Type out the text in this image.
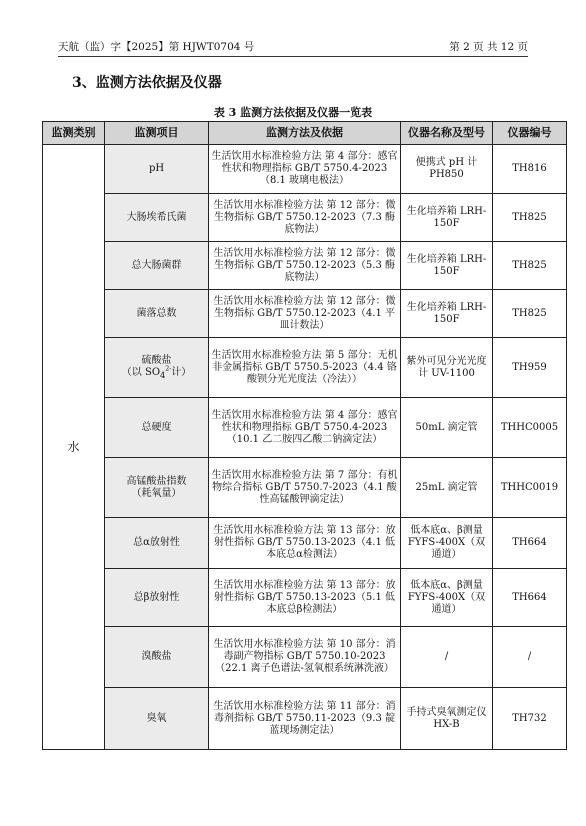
天航（监）字【2025】第 HJWT0704 号	第 2 页 共 12 页
3、监测方法依据及仪器
表 3 监测方法依据及仪器一览表
监测类别	监测项目	监测方法及依据	仪器名称及型号	仪器编号
水	pH	生活饮用水标准检验方法 第 4 部分：感官性状和物理指标 GB/T 5750.4-2023（8.1 玻璃电极法）	便携式 pH 计 PH850	TH816
	大肠埃希氏菌	生活饮用水标准检验方法 第 12 部分：微生物指标 GB/T 5750.12-2023（7.3 酶底物法）	生化培养箱 LRH-150F	TH825
	总大肠菌群	生活饮用水标准检验方法 第 12 部分：微生物指标 GB/T 5750.12-2023（5.3 酶底物法）	生化培养箱 LRH-150F	TH825
	菌落总数	生活饮用水标准检验方法 第 12 部分：微生物指标 GB/T 5750.12-2023（4.1 平皿计数法）	生化培养箱 LRH-150F	TH825
	硫酸盐
（以 $SO_4^{2-}$计）	生活饮用水标准检验方法 第 5 部分：无机非金属指标 GB/T 5750.5-2023（4.4 铬酸钡分光光度法（冷法））	紫外可见分光光度计 UV-1100	TH959
	总硬度	生活饮用水标准检验方法 第 4 部分：感官性状和物理指标 GB/T 5750.4-2023（10.1 乙二胺四乙酸二钠滴定法）	50mL 滴定管	THHC0005
	高锰酸盐指数
（耗氧量）	生活饮用水标准检验方法 第 7 部分：有机物综合指标 GB/T 5750.7-2023（4.1 酸性高锰酸钾滴定法）	25mL 滴定管	THHC0019
	总α放射性	生活饮用水标准检验方法 第 13 部分：放射性指标 GB/T 5750.13-2023（4.1 低本底总α检测法）	低本底α、β测量 FYFS-400X（双通道）	TH664
	总β放射性	生活饮用水标准检验方法 第 13 部分：放射性指标 GB/T 5750.13-2023（5.1 低本底总β检测法）	低本底α、β测量 FYFS-400X（双通道）	TH664
	溴酸盐	生活饮用水标准检验方法 第 10 部分：消毒副产物指标 GB/T 5750.10-2023（22.1 离子色谱法-氢氧根系统淋洗液）	/	/
	臭氧	生活饮用水标准检验方法 第 11 部分：消毒剂指标 GB/T 5750.11-2023（9.3 靛蓝现场测定法）	手持式臭氧测定仪 HX-B	TH732
